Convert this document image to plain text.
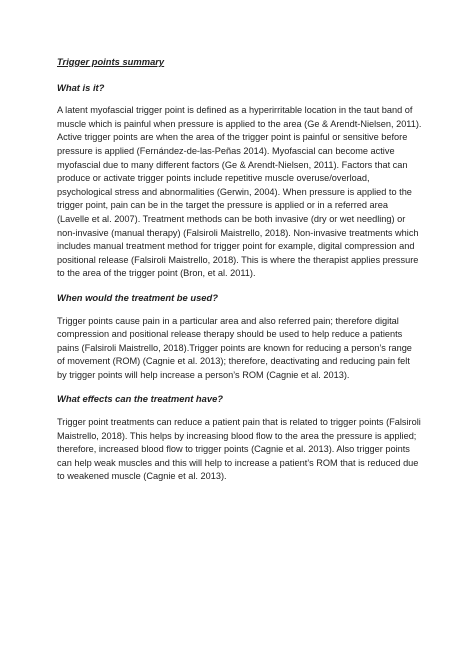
Trigger points summary

What is it?

A latent myofascial trigger point is defined as a hyperirritable location in the taut band of muscle which is painful when pressure is applied to the area (Ge & Arendt-Nielsen, 2011). Active trigger points are when the area of the trigger point is painful or sensitive before pressure is applied (Fernández-de-las-Peñas 2014). Myofascial can become active myofascial due to many different factors (Ge & Arendt-Nielsen, 2011). Factors that can produce or activate trigger points include repetitive muscle overuse/overload, psychological stress and abnormalities (Gerwin, 2004). When pressure is applied to the trigger point, pain can be in the target the pressure is applied or in a referred area (Lavelle et al. 2007). Treatment methods can be both invasive (dry or wet needling) or non-invasive (manual therapy) (Falsiroli Maistrello, 2018). Non-invasive treatments which includes manual treatment method for trigger point for example, digital compression and positional release (Falsiroli Maistrello, 2018). This is where the therapist applies pressure to the area of the trigger point (Bron, et al. 2011).

When would the treatment be used?

Trigger points cause pain in a particular area and also referred pain; therefore digital compression and positional release therapy should be used to help reduce a patients pains (Falsiroli Maistrello, 2018).Trigger points are known for reducing a person’s range of movement (ROM) (Cagnie et al. 2013); therefore, deactivating and reducing pain felt by trigger points will help increase a person’s ROM (Cagnie et al. 2013).

What effects can the treatment have?

Trigger point treatments can reduce a patient pain that is related to trigger points (Falsiroli Maistrello, 2018). This helps by increasing blood flow to the area the pressure is applied; therefore, increased blood flow to trigger points (Cagnie et al. 2013). Also trigger points can help weak muscles and this will help to increase a patient’s ROM that is reduced due to weakened muscle (Cagnie et al. 2013).
